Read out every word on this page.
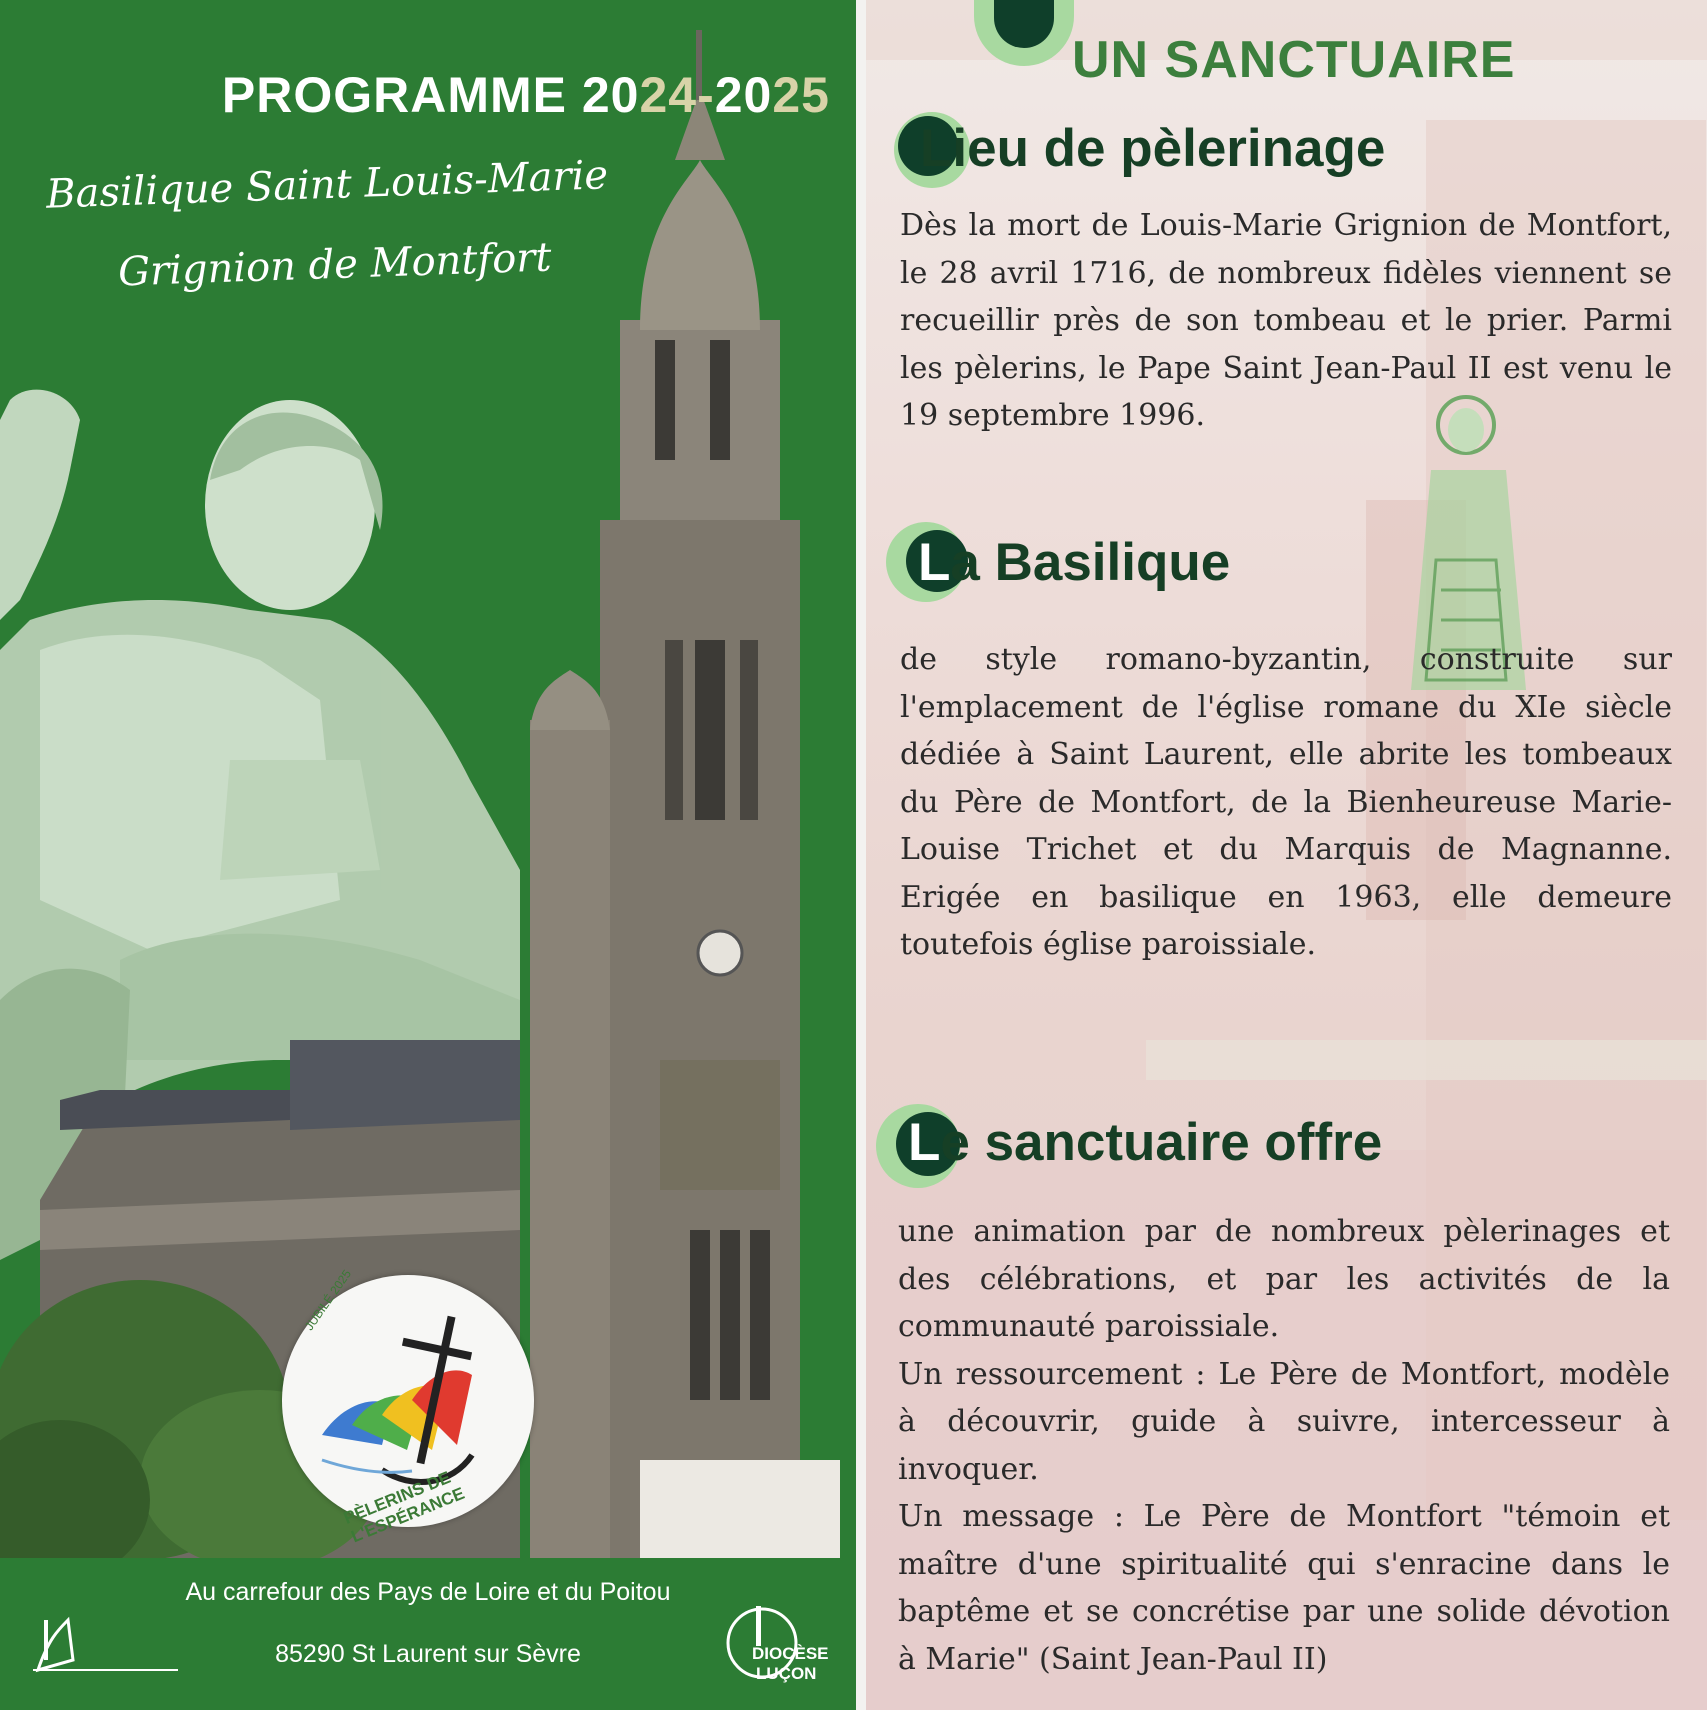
PROGRAMME 2024-2025
Basilique Saint Louis-Marie
Grignion de Montfort
JUBILÉ 2025
PÈLERINS DE L'ESPÉRANCE
Au carrefour des Pays de Loire et du Poitou
85290 St Laurent sur Sèvre	DIOCÈSE
LUÇON
UN SANCTUAIRE
Lieu de pèlerinage
Dès la mort de Louis-Marie Grignion de Montfort, le 28 avril 1716, de nombreux fidèles viennent se recueillir près de son tombeau et le prier. Parmi les pèlerins, le Pape Saint Jean-Paul II est venu le 19 septembre 1996.
La Basilique
de style romano-byzantin, construite sur l'emplacement de l'église romane du XIe siècle dédiée à Saint Laurent, elle abrite les tombeaux du Père de Montfort, de la Bienheureuse Marie-Louise Trichet et du Marquis de Magnanne. Erigée en basilique en 1963, elle demeure toutefois église paroissiale.
Le sanctuaire offre

une animation par de nombreux pèlerinages et des célébrations, et par les activités de la communauté paroissiale.

Un ressourcement : Le Père de Montfort, modèle à découvrir, guide à suivre, intercesseur à invoquer.

Un message : Le Père de Montfort "témoin et maître d'une spiritualité qui s'enracine dans le baptême et se concrétise par une solide dévotion à Marie" (Saint Jean-Paul II)
